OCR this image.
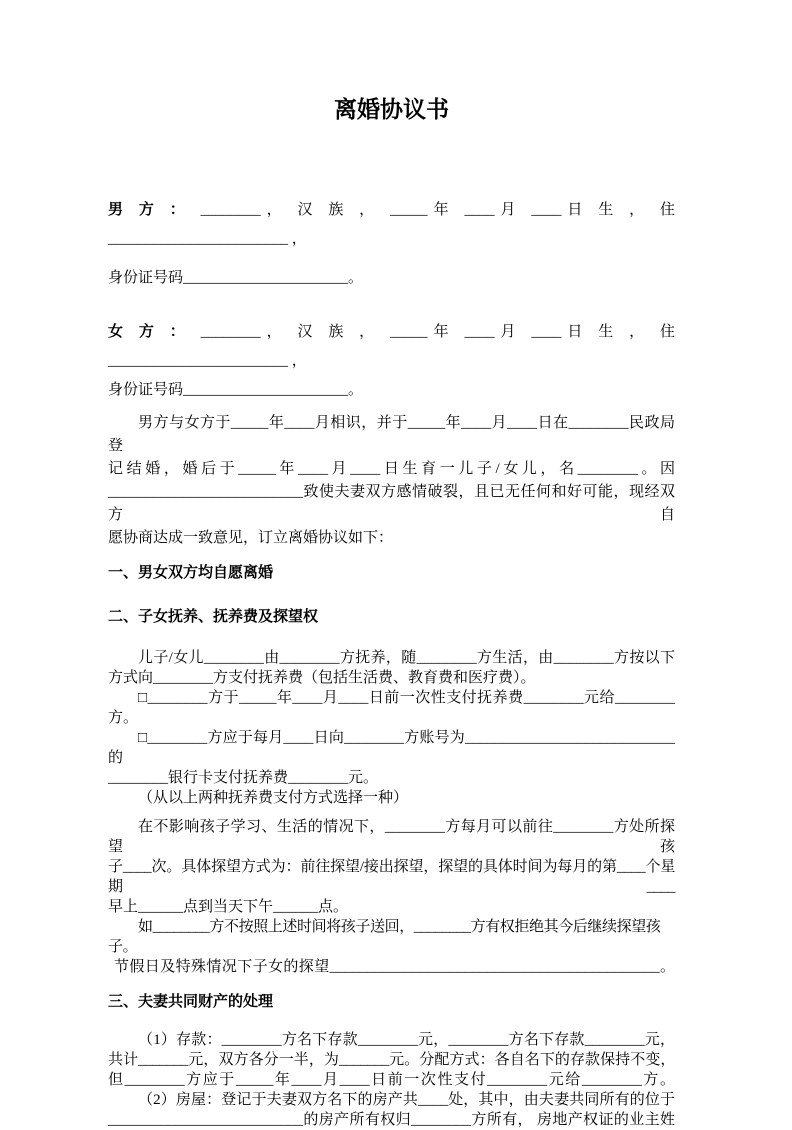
离婚协议书
男 方 ： ________， 汉 族 ， _____年 ____月 ____日 生 ， 住
________________________ ，
身份证号码______________________。
女 方 ： ________， 汉 族 ， _____年 ____月 ____日 生 ， 住
________________________ ，
身份证号码______________________。
男方与女方于_____年____月相识，并于_____年____月____日在________民政局登
记结婚，婚后于_____年____月____日生育一儿子/女儿，名________。因
__________________________致使夫妻双方感情破裂，且已无任何和好可能，现经双方自
愿协商达成一致意见，订立离婚协议如下：
一、男女双方均自愿离婚
二、子女抚养、抚养费及探望权
儿子/女儿________由________方抚养，随________方生活，由________方按以下
方式向________方支付抚养费（包括生活费、教育费和医疗费）。
□________方于_____年____月____日前一次性支付抚养费________元给________
方。
□________方应于每月____日向________方账号为____________________________的
________银行卡支付抚养费________元。
（从以上两种抚养费支付方式选择一种）
在不影响孩子学习、生活的情况下，________方每月可以前往________方处所探望孩
子____次。具体探望方式为：前往探望/接出探望，探望的具体时间为每月的第____个星期____
早上______点到当天下午______点。
如________方不按照上述时间将孩子送回，________方有权拒绝其今后继续探望孩子。
节假日及特殊情况下子女的探望____________________________________________。
三、夫妻共同财产的处理
（1）存款：________方名下存款________元，________方名下存款________元，
共计_______元，双方各分一半，为_______元。分配方式：各自名下的存款保持不变，
但________方应于_____年____月____日前一次性支付________元给________方。
（2）房屋：登记于夫妻双方名下的房产共____处，其中，由夫妻共同所有的位于
__________________________的房产所有权归________方所有， 房地产权证的业主姓
